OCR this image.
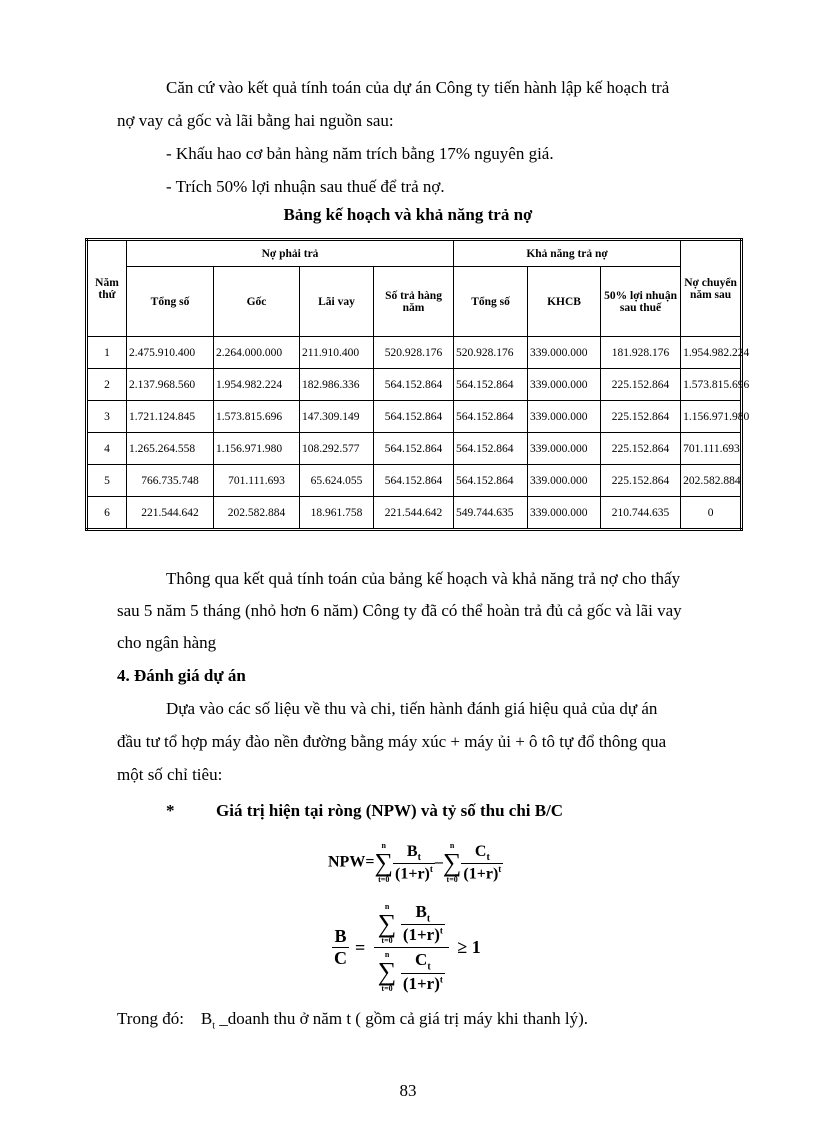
Căn cứ vào kết quả tính toán của dự án Công ty tiến hành lập kế hoạch trả
nợ vay cả gốc và lãi bằng hai nguồn sau:
- Khấu hao cơ bản hàng năm trích bằng 17% nguyên giá.
- Trích 50% lợi nhuận sau thuế để trả nợ.
Bảng kế hoạch và khả năng trả nợ
Năm thứ	Nợ phải trả				Khả năng trả nợ			Nợ chuyển năm sau
	Tổng số	Gốc	Lãi vay	Số trả hàng năm	Tổng số	KHCB	50% lợi nhuận sau thuế	
1	2.475.910.400	2.264.000.000	211.910.400	520.928.176	520.928.176	339.000.000	181.928.176	1.954.982.224
2	2.137.968.560	1.954.982.224	182.986.336	564.152.864	564.152.864	339.000.000	225.152.864	1.573.815.696
3	1.721.124.845	1.573.815.696	147.309.149	564.152.864	564.152.864	339.000.000	225.152.864	1.156.971.980
4	1.265.264.558	1.156.971.980	108.292.577	564.152.864	564.152.864	339.000.000	225.152.864	701.111.693
5	766.735.748	701.111.693	65.624.055	564.152.864	564.152.864	339.000.000	225.152.864	202.582.884
6	221.544.642	202.582.884	18.961.758	221.544.642	549.744.635	339.000.000	210.744.635	0
Thông qua kết quả tính toán của bảng kế hoạch và khả năng trả nợ cho thấy
sau 5 năm 5 tháng (nhỏ hơn 6 năm) Công ty đã có thể hoàn trả đủ cả gốc và lãi vay
cho ngân hàng
4. Đánh giá dự án
Dựa vào các số liệu về thu và chi, tiến hành đánh giá hiệu quả của dự án
đầu tư tổ hợp máy đào nền đường bằng máy xúc + máy ủi + ô tô tự đổ thông qua
một số chỉ tiêu:
* Giá trị hiện tại ròng (NPW) và tỷ số thu chi B/C
NPW=
n
∑
$t=0 \frac{B_t}{(1+r)^t}$ –
n
∑
$t=0 \frac{C_t}{(1+r)^t}$
$\frac{B}{C} = n$
∑
t=0
$\frac{B_t}{(1+r)^t}$
n
∑
t=0
$\frac{C_t}{(1+r)^t} \ge 1$
Trong đó: $B_t$ _doanh thu ở năm t ( gồm cả giá trị máy khi thanh lý).
83
